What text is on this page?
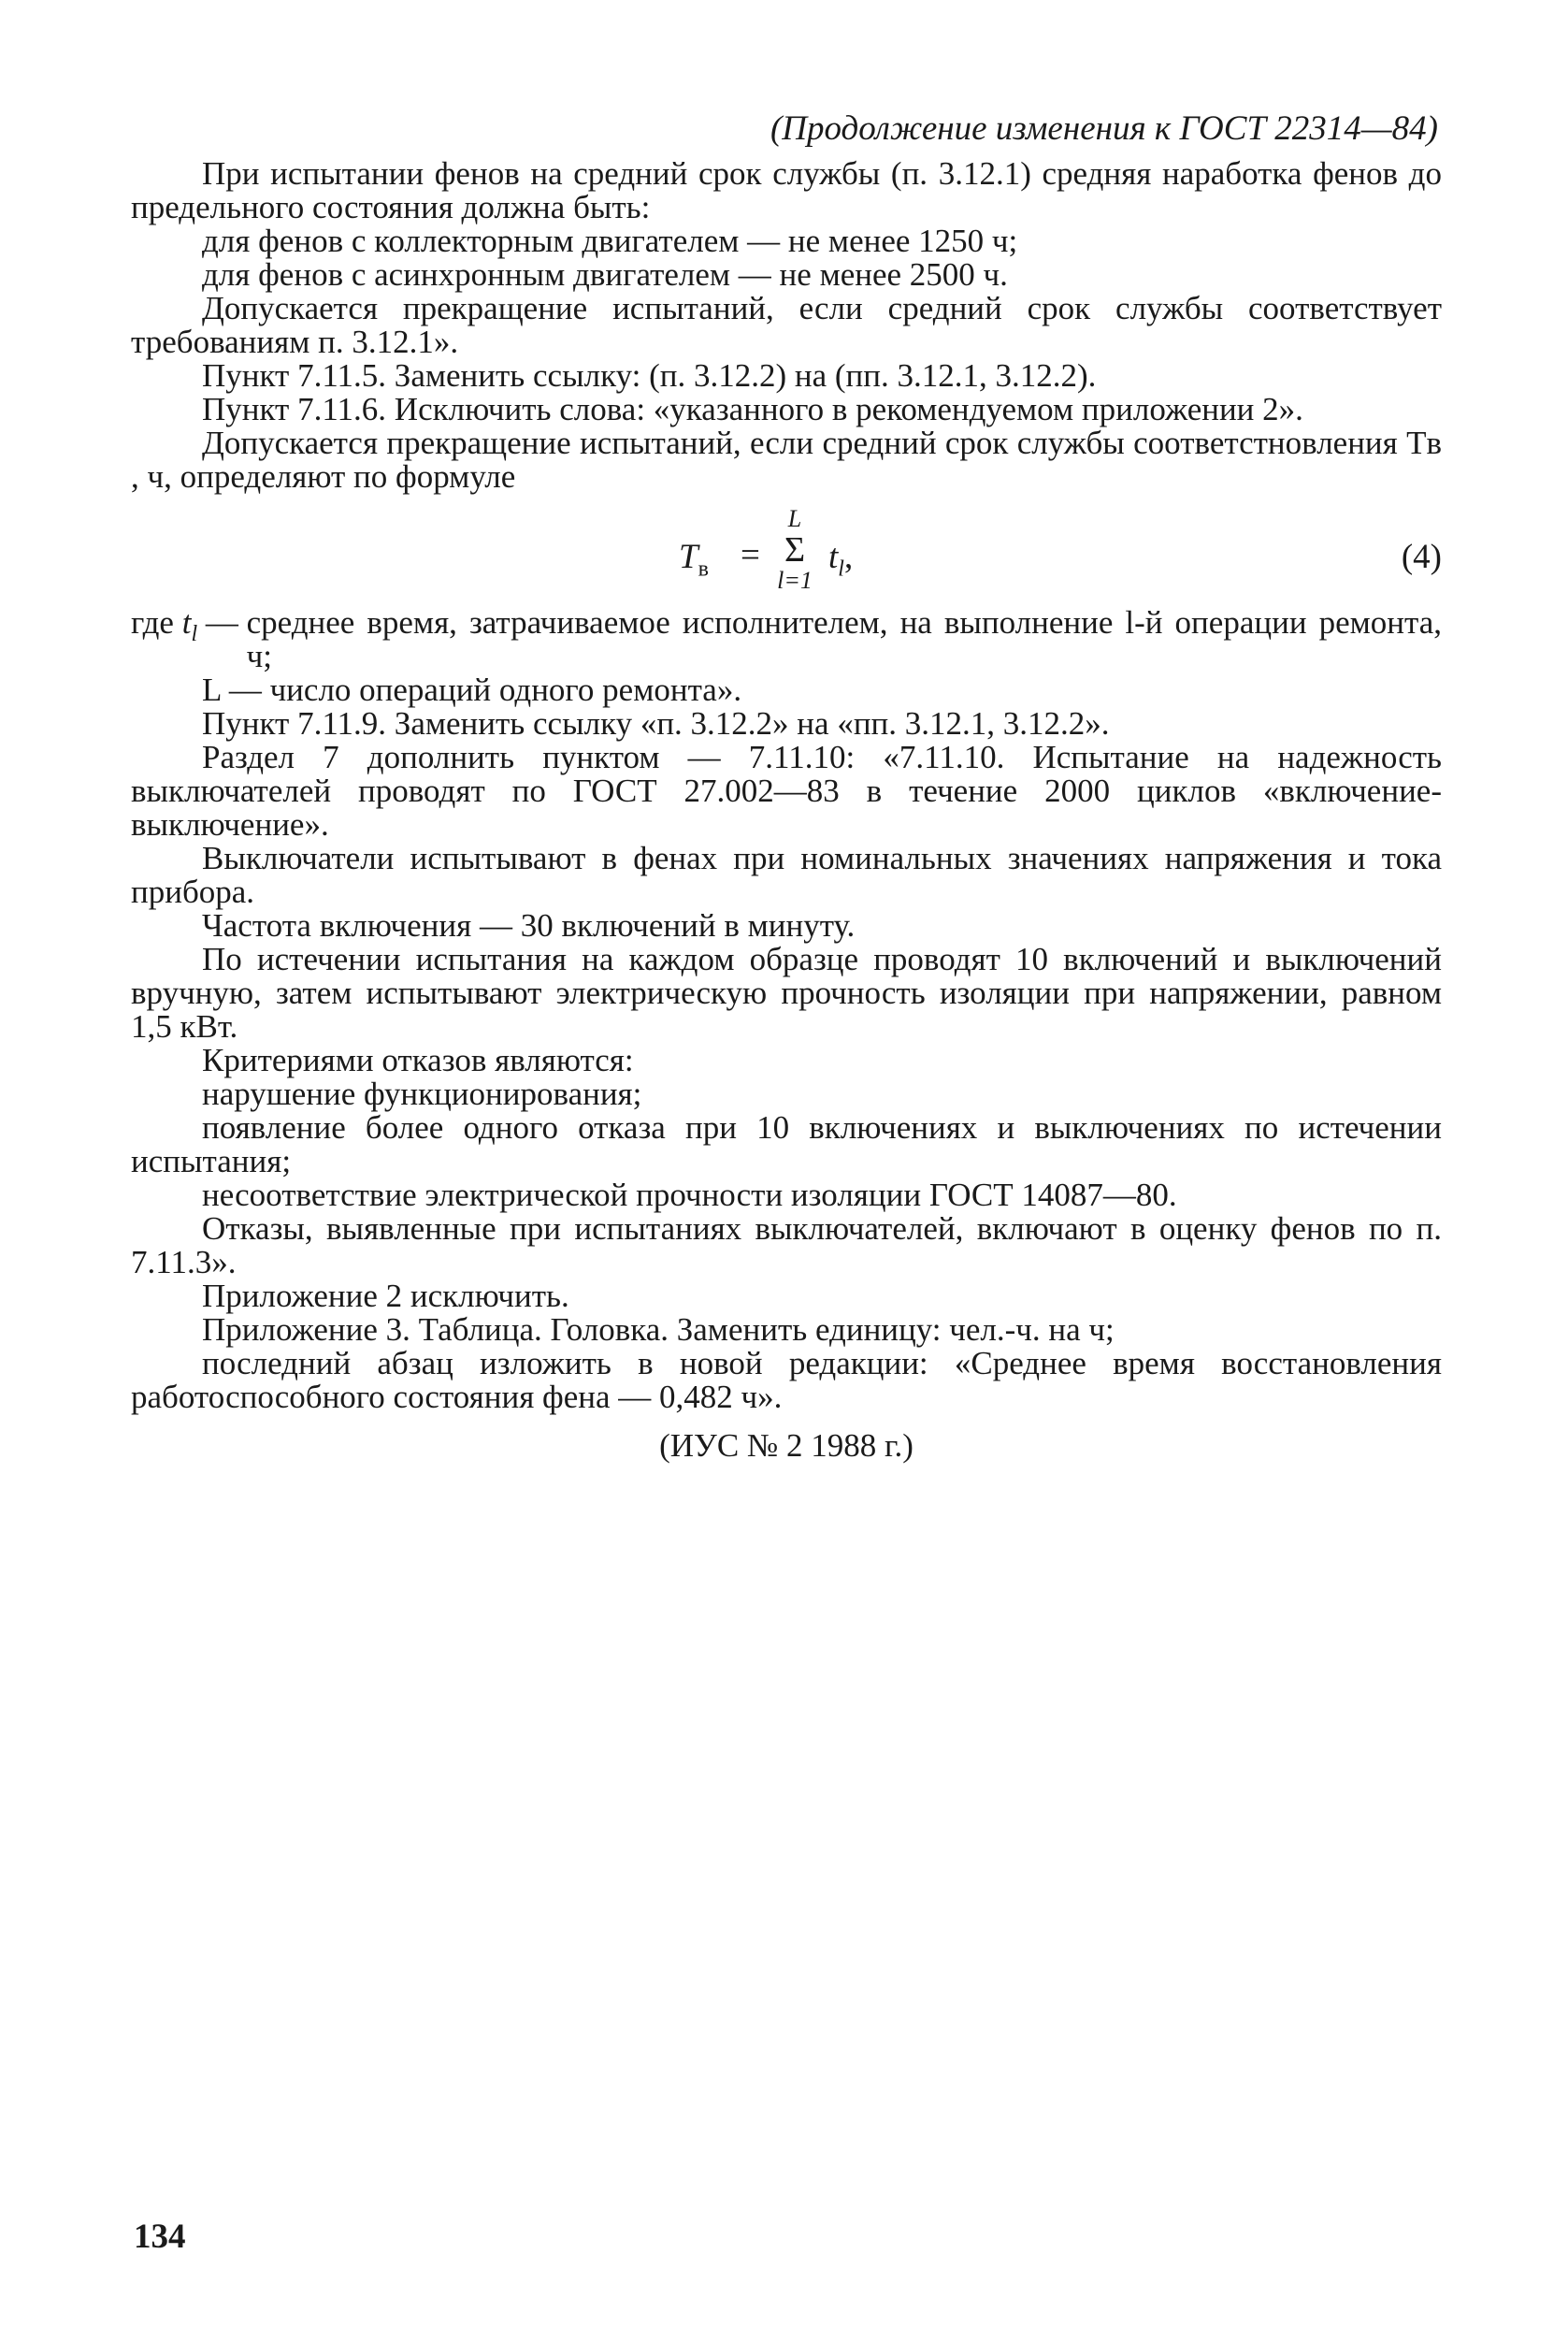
(Продолжение изменения к ГОСТ 22314—84)

При испытании фенов на средний срок службы (п. 3.12.1) средняя наработка фенов до предельного состояния должна быть:

для фенов с коллекторным двигателем — не менее 1250 ч;

для фенов с асинхронным двигателем — не менее 2500 ч.

Допускается прекращение испытаний, если средний срок службы соответствует требованиям п. 3.12.1».

Пункт 7.11.5. Заменить ссылку: (п. 3.12.2) на (пп. 3.12.1, 3.12.2).

Пункт 7.11.6. Исключить слова: «указанного в рекомендуемом приложении 2».

Допускается прекращение испытаний, если средний срок службы соответстновления Tв , ч, определяют по формуле

$T_в$ =
L
Σ
l=1
$t_l$,	(4)
где $t_l$ — среднее время, затрачиваемое исполнителем, на выполнение l-й операции ремонта, ч;

L — число операций одного ремонта».

Пункт 7.11.9. Заменить ссылку «п. 3.12.2» на «пп. 3.12.1, 3.12.2».

Раздел 7 дополнить пунктом — 7.11.10: «7.11.10. Испытание на надежность выключателей проводят по ГОСТ 27.002—83 в течение 2000 циклов «включение-выключение».

Выключатели испытывают в фенах при номинальных значениях напряжения и тока прибора.

Частота включения — 30 включений в минуту.

По истечении испытания на каждом образце проводят 10 включений и выключений вручную, затем испытывают электрическую прочность изоляции при напряжении, равном 1,5 кВт.

Критериями отказов являются:

нарушение функционирования;

появление более одного отказа при 10 включениях и выключениях по истечении испытания;

несоответствие электрической прочности изоляции ГОСТ 14087—80.

Отказы, выявленные при испытаниях выключателей, включают в оценку фенов по п. 7.11.3».

Приложение 2 исключить.

Приложение 3. Таблица. Головка. Заменить единицу: чел.-ч. на ч;

последний абзац изложить в новой редакции: «Среднее время восстановления работоспособного состояния фена — 0,482 ч».

(ИУС № 2 1988 г.)
134
